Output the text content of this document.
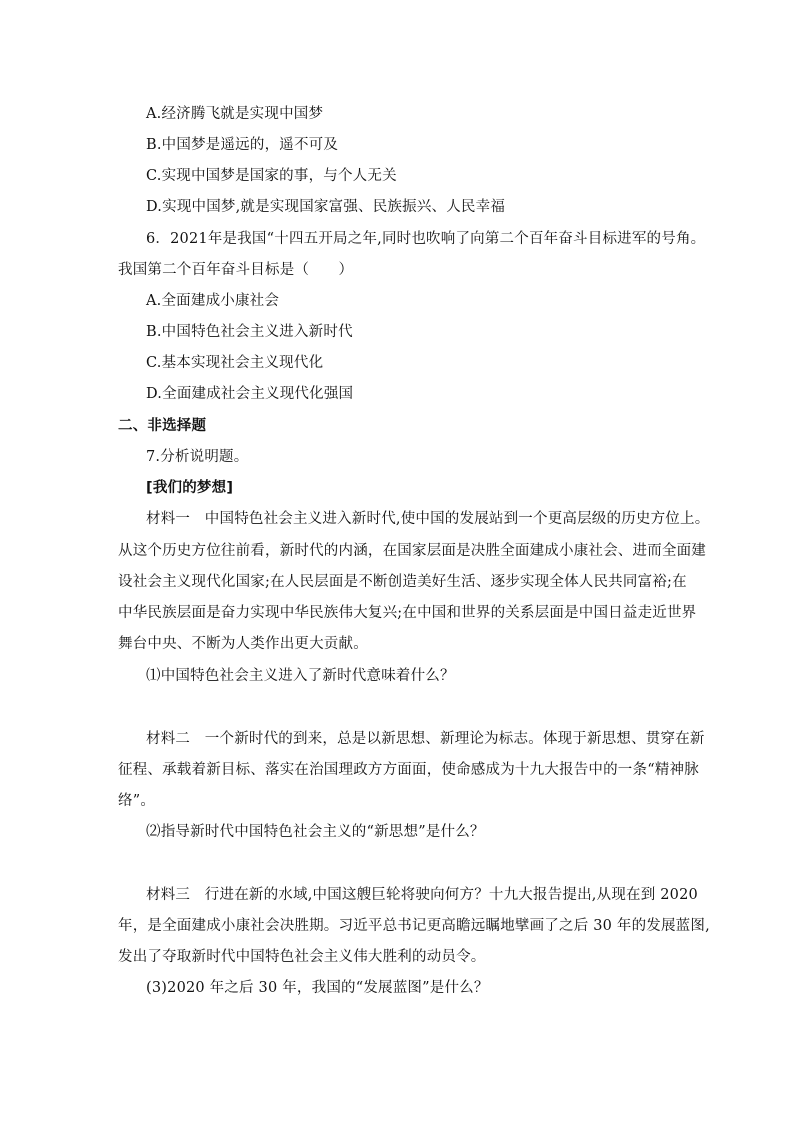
A.经济腾飞就是实现中国梦
B.中国梦是遥远的，遥不可及
C.实现中国梦是国家的事，与个人无关
D.实现中国梦,就是实现国家富强、民族振兴、人民幸福
6．2021年是我国“十四五开局之年,同时也吹响了向第二个百年奋斗目标进军的号角。
我国第二个百年奋斗目标是（　　）
A.全面建成小康社会
B.中国特色社会主义进入新时代
C.基本实现社会主义现代化
D.全面建成社会主义现代化强国
二、非选择题
7.分析说明题。
[我们的梦想]
材料一　中国特色社会主义进入新时代,使中国的发展站到一个更高层级的历史方位上。
从这个历史方位往前看，新时代的内涵，在国家层面是决胜全面建成小康社会、进而全面建
设社会主义现代化国家;在人民层面是不断创造美好生活、逐步实现全体人民共同富裕;在
中华民族层面是奋力实现中华民族伟大复兴;在中国和世界的关系层面是中国日益走近世界
舞台中央、不断为人类作出更大贡献。
⑴中国特色社会主义进入了新时代意味着什么？
材料二　一个新时代的到来，总是以新思想、新理论为标志。体现于新思想、贯穿在新
征程、承载着新目标、落实在治国理政方方面面，使命感成为十九大报告中的一条“精神脉
络”。
⑵指导新时代中国特色社会主义的“新思想”是什么？
材料三　行进在新的水域,中国这艘巨轮将驶向何方？十九大报告提出,从现在到 2020
年，是全面建成小康社会决胜期。习近平总书记更高瞻远瞩地擘画了之后 30 年的发展蓝图,
发出了夺取新时代中国特色社会主义伟大胜利的动员令。
(3)2020 年之后 30 年，我国的“发展蓝图”是什么？
